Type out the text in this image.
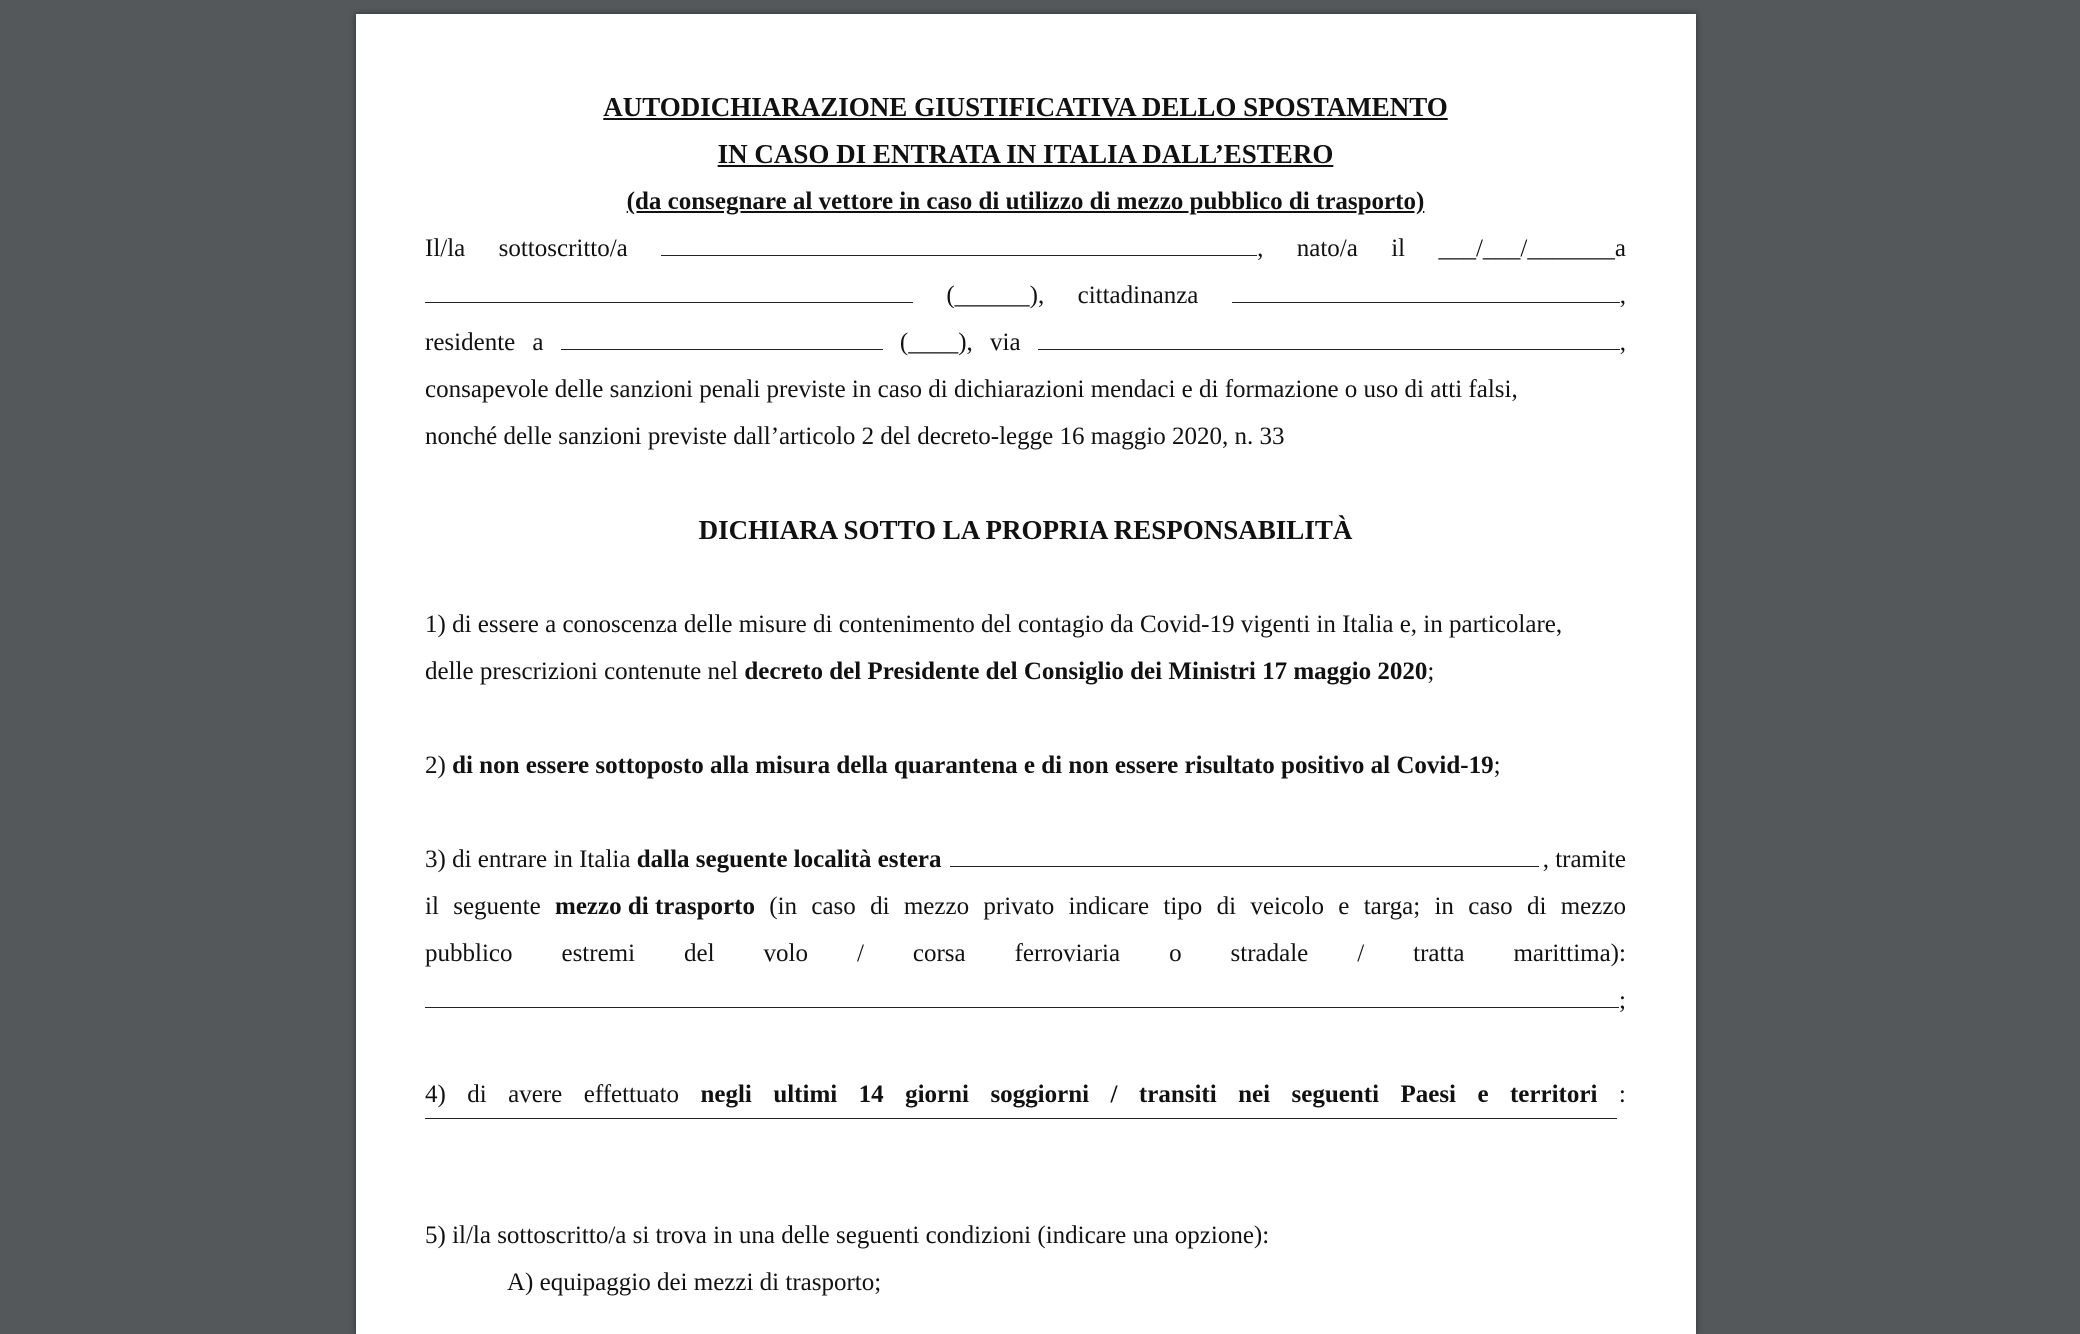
AUTODICHIARAZIONE GIUSTIFICATIVA DELLO SPOSTAMENTO
IN CASO DI ENTRATA IN ITALIA DALL’ESTERO
(da consegnare al vettore in caso di utilizzo di mezzo pubblico di trasporto)
Il/la sottoscritto/a	, nato/a il ___/___/_______ a
(______), cittadinanza	,
residente a	(____), via	,
consapevole delle sanzioni penali previste in caso di dichiarazioni mendaci e di formazione o uso di atti falsi,
nonché delle sanzioni previste dall’articolo 2 del decreto-legge 16 maggio 2020, n. 33
DICHIARA SOTTO LA PROPRIA RESPONSABILITÀ
1) di essere a conoscenza delle misure di contenimento del contagio da Covid-19 vigenti in Italia e, in particolare,
delle prescrizioni contenute nel decreto del Presidente del Consiglio dei Ministri 17 maggio 2020 ;
2) di non essere sottoposto alla misura della quarantena e di non essere risultato positivo al Covid-19 ;
3) di entrare in Italia dalla seguente località estera	, tramite
il seguente mezzo di trasporto (in caso di mezzo privato indicare tipo di veicolo e targa; in caso di mezzo
pubblico estremi del volo / corsa ferroviaria o stradale / tratta marittima):
;
4) di avere effettuato negli ultimi 14 giorni soggiorni / transiti nei seguenti Paesi e territori :
5) il/la sottoscritto/a si trova in una delle seguenti condizioni (indicare una opzione):
A) equipaggio dei mezzi di trasporto;
